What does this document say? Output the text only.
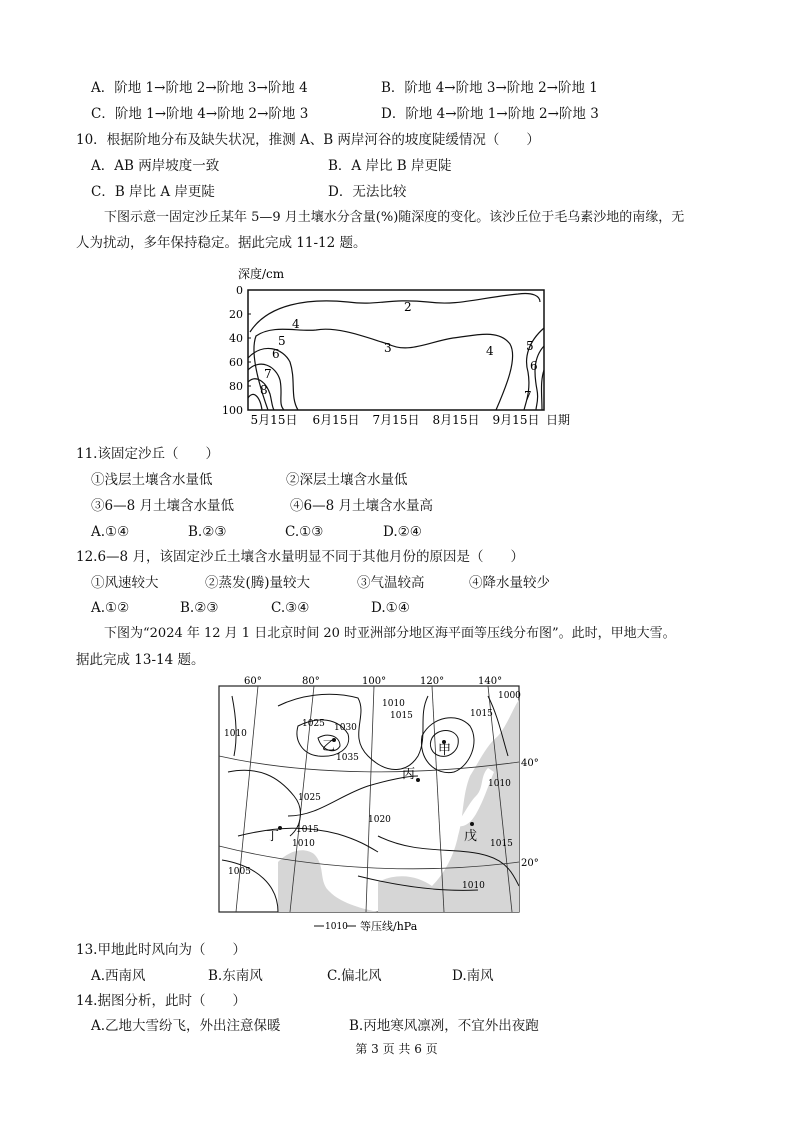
A．阶地 1→阶地 2→阶地 3→阶地 4	B．阶地 4→阶地 3→阶地 2→阶地 1
C．阶地 1→阶地 4→阶地 2→阶地 3	D．阶地 4→阶地 1→阶地 2→阶地 3
10．根据阶地分布及缺失状况，推测 A、B 两岸河谷的坡度陡缓情况（　　）
A．AB 两岸坡度一致	B．A 岸比 B 岸更陡
C．B 岸比 A 岸更陡	D．无法比较
下图示意一固定沙丘某年 5—9 月土壤水分含量(%)随深度的变化。该沙丘位于毛乌素沙地的南缘，无
人为扰动，多年保持稳定。据此完成 11-12 题。
深度/cm
0
20
40
60
80
100
2
3
4
5
6
7
8
4	5
6
7
5月15日 6月15日 7月15日 8月15日 9月15日 日期
11.该固定沙丘（　　）
①浅层土壤含水量低	②深层土壤含水量低
③6—8 月土壤含水量低	④6—8 月土壤含水量高
A.①④	B.②③	C.①③	D.②④
12.6—8 月，该固定沙丘土壤含水量明显不同于其他月份的原因是（　　）
①风速较大	②蒸发(腾)量较大	③气温较高	④降水量较少
A.①②	B.②③	C.③④	D.①④
下图为“2024 年 12 月 1 日北京时间 20 时亚洲部分地区海平面等压线分布图”。此时，甲地大雪。
据此完成 13-14 题。
甲
乙
丙
丁	戊
1025 1030
1035
1010
1015
1020
1025
1015
1010
1005
1010
1015
1000
1010
1015
1010
60°	80°	100°	120°	140°
40°
20°
1010 等压线/hPa
13.甲地此时风向为（　　）
A.西南风	B.东南风	C.偏北风	D.南风
14.据图分析，此时（　　）
A.乙地大雪纷飞，外出注意保暖	B.丙地寒风凛冽，不宜外出夜跑
第 3 页 共 6 页
